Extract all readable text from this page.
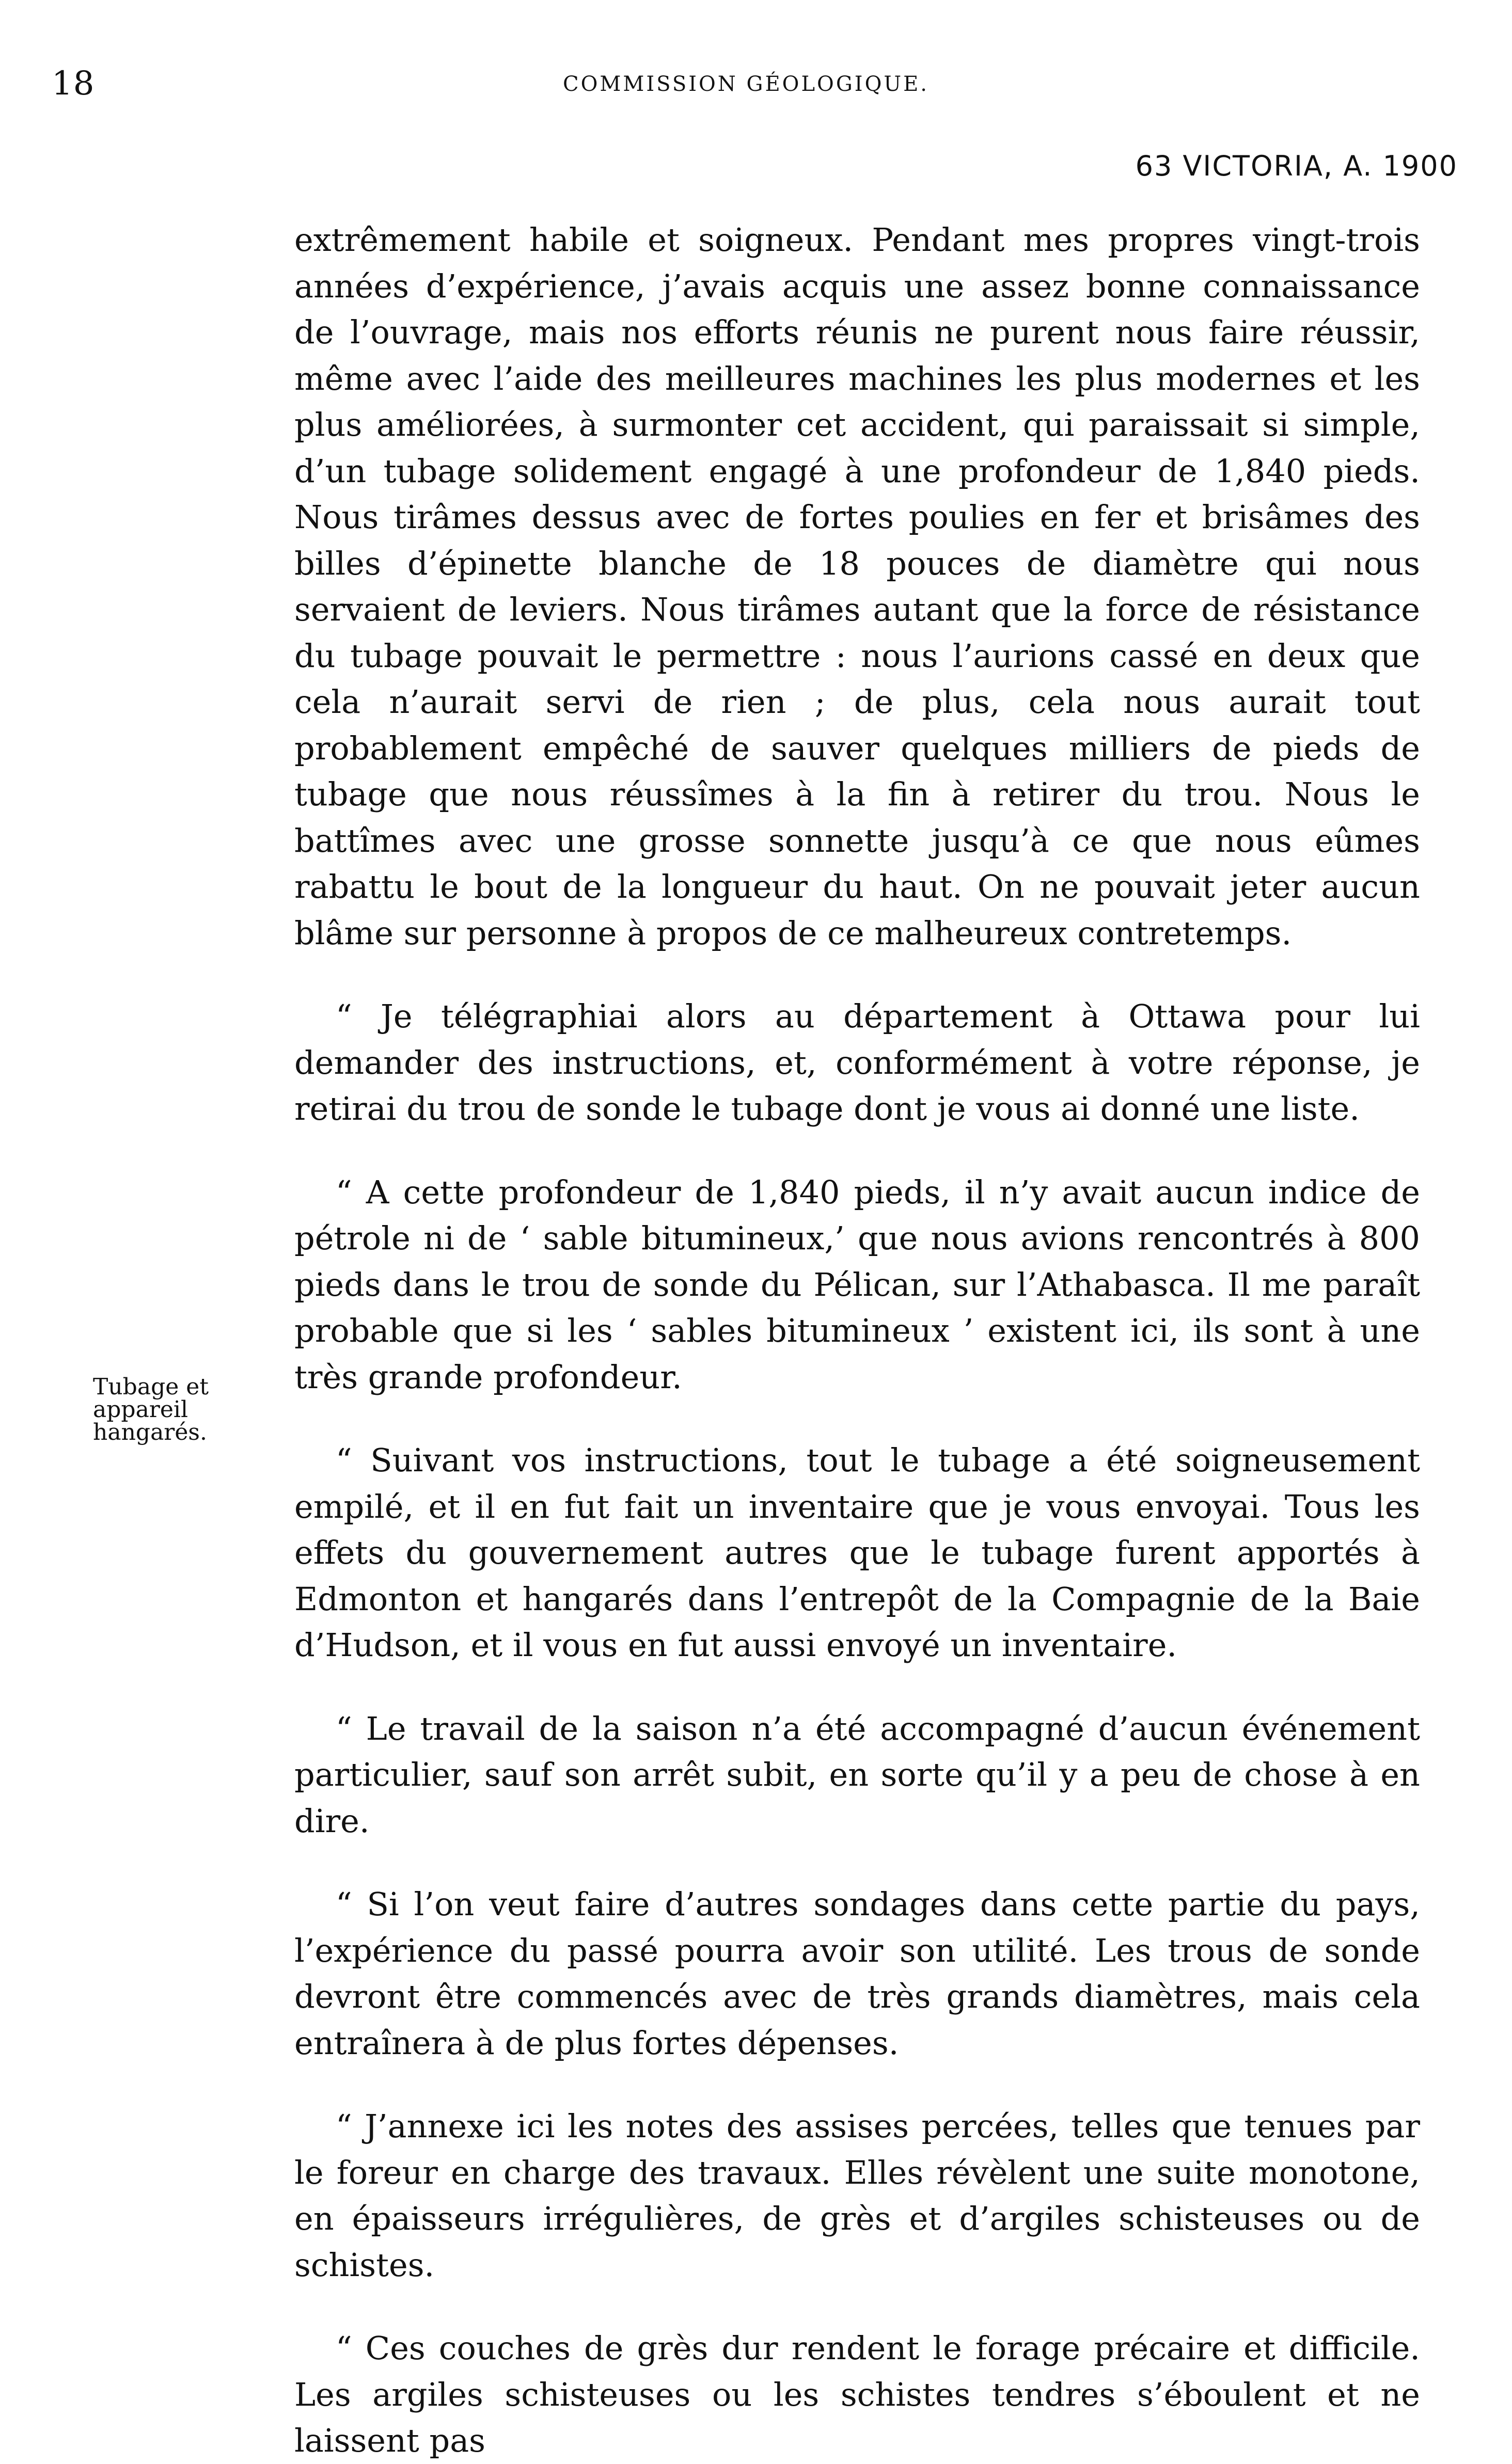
18	COMMISSION GÉOLOGIQUE.
63 VICTORIA, A. 1900
Tubage et
appareil
hangarés.

extrêmement habile et soigneux. Pendant mes propres vingt-trois années d’expérience, j’avais acquis une assez bonne connaissance de l’ouvrage, mais nos efforts réunis ne purent nous faire réussir, même avec l’aide des meilleures machines les plus modernes et les plus améliorées, à surmonter cet accident, qui paraissait si simple, d’un tubage solidement engagé à une profondeur de 1,840 pieds. Nous tirâmes dessus avec de fortes poulies en fer et brisâmes des billes d’épinette blanche de 18 pouces de diamètre qui nous servaient de leviers. Nous tirâmes autant que la force de résistance du tubage pouvait le permettre : nous l’aurions cassé en deux que cela n’aurait servi de rien ; de plus, cela nous aurait tout probablement empêché de sauver quelques milliers de pieds de tubage que nous réussîmes à la fin à retirer du trou. Nous le battîmes avec une grosse sonnette jusqu’à ce que nous eûmes rabattu le bout de la longueur du haut. On ne pouvait jeter aucun blâme sur personne à propos de ce malheureux contretemps.

“ Je télégraphiai alors au département à Ottawa pour lui demander des instructions, et, conformément à votre réponse, je retirai du trou de sonde le tubage dont je vous ai donné une liste.

“ A cette profondeur de 1,840 pieds, il n’y avait aucun indice de pétrole ni de ‘ sable bitumineux,’ que nous avions rencontrés à 800 pieds dans le trou de sonde du Pélican, sur l’Athabasca. Il me paraît probable que si les ‘ sables bitumineux ’ existent ici, ils sont à une très grande profondeur.

“ Suivant vos instructions, tout le tubage a été soigneusement empilé, et il en fut fait un inventaire que je vous envoyai. Tous les effets du gouvernement autres que le tubage furent apportés à Edmonton et hangarés dans l’entrepôt de la Compagnie de la Baie d’Hudson, et il vous en fut aussi envoyé un inventaire.

“ Le travail de la saison n’a été accompagné d’aucun événement particulier, sauf son arrêt subit, en sorte qu’il y a peu de chose à en dire.

“ Si l’on veut faire d’autres sondages dans cette partie du pays, l’expérience du passé pourra avoir son utilité. Les trous de sonde devront être commencés avec de très grands diamètres, mais cela entraînera à de plus fortes dépenses.

“ J’annexe ici les notes des assises percées, telles que tenues par le foreur en charge des travaux. Elles révèlent une suite monotone, en épaisseurs irrégulières, de grès et d’argiles schisteuses ou de schistes.

“ Ces couches de grès dur rendent le forage précaire et difficile. Les argiles schisteuses ou les schistes tendres s’éboulent et ne laissent pas
